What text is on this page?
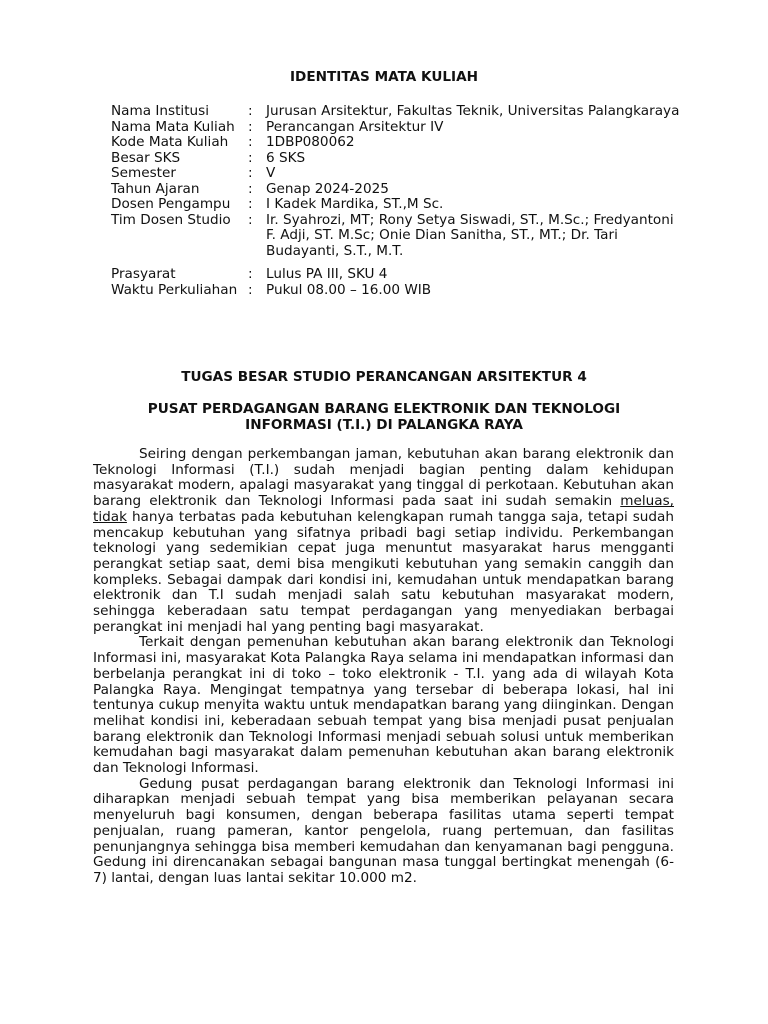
IDENTITAS MATA KULIAH
Nama Institusi	:	Jurusan Arsitektur, Fakultas Teknik, Universitas Palangkaraya
Nama Mata Kuliah	:	Perancangan Arsitektur IV
Kode Mata Kuliah	:	1DBP080062
Besar SKS	:	6 SKS
Semester	:	V
Tahun Ajaran	:	Genap 2024-2025
Dosen Pengampu	:	I Kadek Mardika, ST.,M Sc.
Tim Dosen Studio	:	Ir. Syahrozi, MT; Rony Setya Siswadi, ST., M.Sc.; Fredyantoni F. Adji, ST. M.Sc; Onie Dian Sanitha, ST., MT.; Dr. Tari Budayanti, S.T., M.T.
Prasyarat	:	Lulus PA III, SKU 4
Waktu Perkuliahan	:	Pukul 08.00 – 16.00 WIB
TUGAS BESAR STUDIO PERANCANGAN ARSITEKTUR 4
PUSAT PERDAGANGAN BARANG ELEKTRONIK DAN TEKNOLOGI
INFORMASI (T.I.) DI PALANGKA RAYA

Seiring dengan perkembangan jaman, kebutuhan akan barang elektronik dan Teknologi Informasi (T.I.) sudah menjadi bagian penting dalam kehidupan masyarakat modern, apalagi masyarakat yang tinggal di perkotaan. Kebutuhan akan barang elektronik dan Teknologi Informasi pada saat ini sudah semakin meluas, tidak hanya terbatas pada kebutuhan kelengkapan rumah tangga saja, tetapi sudah mencakup kebutuhan yang sifatnya pribadi bagi setiap individu. Perkembangan teknologi yang sedemikian cepat juga menuntut masyarakat harus mengganti perangkat setiap saat, demi bisa mengikuti kebutuhan yang semakin canggih dan kompleks. Sebagai dampak dari kondisi ini, kemudahan untuk mendapatkan barang elektronik dan T.I sudah menjadi salah satu kebutuhan masyarakat modern, sehingga keberadaan satu tempat perdagangan yang menyediakan berbagai perangkat ini menjadi hal yang penting bagi masyarakat.

Terkait dengan pemenuhan kebutuhan akan barang elektronik dan Teknologi Informasi ini, masyarakat Kota Palangka Raya selama ini mendapatkan informasi dan berbelanja perangkat ini di toko – toko elektronik - T.I. yang ada di wilayah Kota Palangka Raya. Mengingat tempatnya yang tersebar di beberapa lokasi, hal ini tentunya cukup menyita waktu untuk mendapatkan barang yang diinginkan. Dengan melihat kondisi ini, keberadaan sebuah tempat yang bisa menjadi pusat penjualan barang elektronik dan Teknologi Informasi menjadi sebuah solusi untuk memberikan kemudahan bagi masyarakat dalam pemenuhan kebutuhan akan barang elektronik dan Teknologi Informasi.

Gedung pusat perdagangan barang elektronik dan Teknologi Informasi ini diharapkan menjadi sebuah tempat yang bisa memberikan pelayanan secara menyeluruh bagi konsumen, dengan beberapa fasilitas utama seperti tempat penjualan, ruang pameran, kantor pengelola, ruang pertemuan, dan fasilitas penunjangnya sehingga bisa memberi kemudahan dan kenyamanan bagi pengguna. Gedung ini direncanakan sebagai bangunan masa tunggal bertingkat menengah (6-7) lantai, dengan luas lantai sekitar 10.000 m2.
